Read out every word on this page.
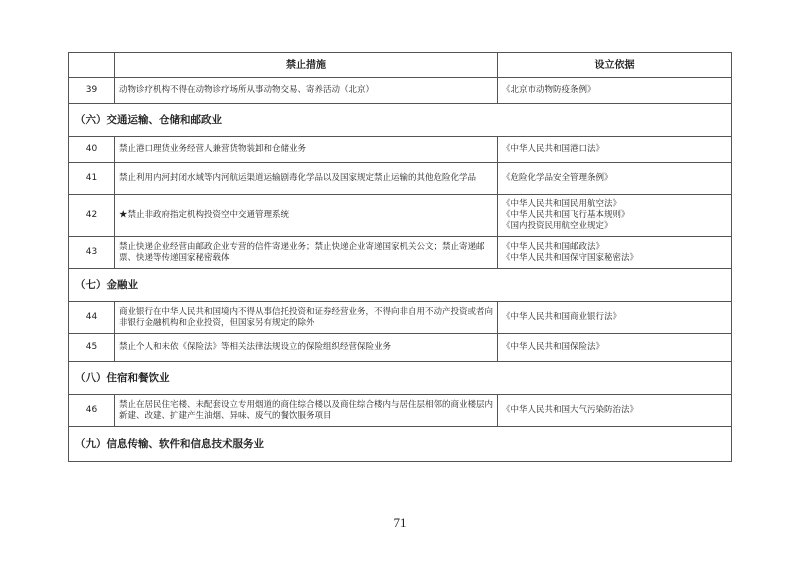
	禁止措施	设立依据
39	动物诊疗机构不得在动物诊疗场所从事动物交易、寄养活动（北京）	《北京市动物防疫条例》
（六）交通运输、仓储和邮政业		
40	禁止港口理货业务经营人兼营货物装卸和仓储业务	《中华人民共和国港口法》
41	禁止利用内河封闭水域等内河航运渠道运输剧毒化学品以及国家规定禁止运输的其他危险化学品	《危险化学品安全管理条例》
42	★禁止非政府指定机构投资空中交通管理系统	《中华人民共和国民用航空法》
《中华人民共和国飞行基本规则》
《国内投资民用航空业规定》

43	禁止快递企业经营由邮政企业专营的信件寄递业务；禁止快递企业寄递国家机关公文；禁止寄递邮票、快递等传递国家秘密载体	《中华人民共和国邮政法》
《中华人民共和国保守国家秘密法》

（七）金融业		
44	商业银行在中华人民共和国境内不得从事信托投资和证券经营业务，不得向非自用不动产投资或者向非银行金融机构和企业投资，但国家另有规定的除外	《中华人民共和国商业银行法》
45	禁止个人和未依《保险法》等相关法律法规设立的保险组织经营保险业务	《中华人民共和国保险法》
（八）住宿和餐饮业		
46	禁止在居民住宅楼、未配套设立专用烟道的商住综合楼以及商住综合楼内与居住层相邻的商业楼层内新建、改建、扩建产生油烟、异味、废气的餐饮服务项目	《中华人民共和国大气污染防治法》
（九）信息传输、软件和信息技术服务业		
71
